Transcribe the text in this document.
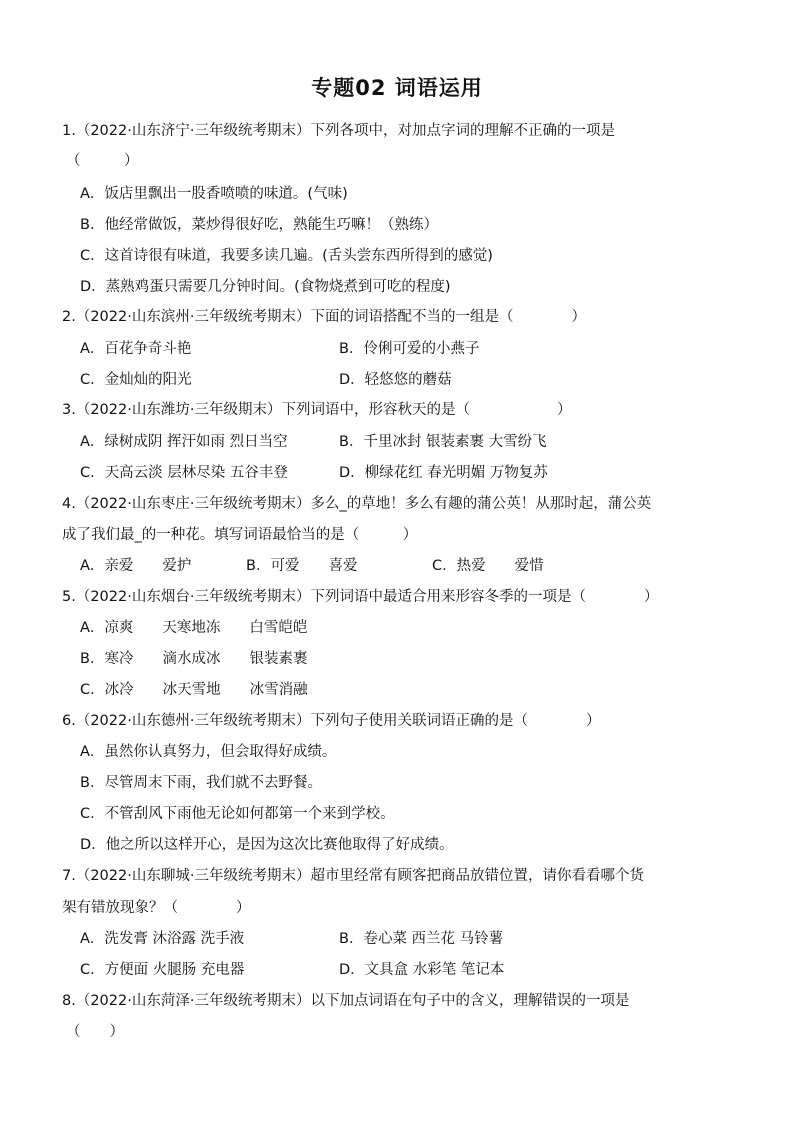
专题02 词语运用
1.（2022·山东济宁·三年级统考期末）下列各项中，对加点字词的理解不正确的一项是
（　　　）
A．饭店里飘出一股香喷喷的味道。(气味)
B．他经常做饭，菜炒得很好吃，熟能生巧嘛！（熟练）
C．这首诗很有味道，我要多读几遍。(舌头尝东西所得到的感觉)
D．蒸熟鸡蛋只需要几分钟时间。(食物烧煮到可吃的程度)
2.（2022·山东滨州·三年级统考期末）下面的词语搭配不当的一组是（　　　　）
A．百花争奇斗艳	B．伶俐可爱的小燕子
C．金灿灿的阳光	D．轻悠悠的蘑菇
3.（2022·山东潍坊·三年级期末）下列词语中，形容秋天的是（　　　　　　）
A．绿树成阴 挥汗如雨 烈日当空	B．千里冰封 银装素裹 大雪纷飞
C．天高云淡 层林尽染 五谷丰登	D．柳绿花红 春光明媚 万物复苏
4.（2022·山东枣庄·三年级统考期末）多么_的草地！多么有趣的蒲公英！从那时起，蒲公英
成了我们最_的一种花。填写词语最恰当的是（　　　）
A．亲爱　　爱护	B．可爱　　喜爱	C．热爱　　爱惜
5.（2022·山东烟台·三年级统考期末）下列词语中最适合用来形容冬季的一项是（　　　　）
A．凉爽　　天寒地冻　　白雪皑皑
B．寒冷　　滴水成冰　　银装素裹
C．冰冷　　冰天雪地　　冰雪消融
6.（2022·山东德州·三年级统考期末）下列句子使用关联词语正确的是（　　　　）
A．虽然你认真努力，但会取得好成绩。
B．尽管周末下雨，我们就不去野餐。
C．不管刮风下雨他无论如何都第一个来到学校。
D．他之所以这样开心，是因为这次比赛他取得了好成绩。
7.（2022·山东聊城·三年级统考期末）超市里经常有顾客把商品放错位置，请你看看哪个货
架有错放现象？（　　　　）
A．洗发膏 沐浴露 洗手液	B．卷心菜 西兰花 马铃薯
C．方便面 火腿肠 充电器	D．文具盒 水彩笔 笔记本
8.（2022·山东菏泽·三年级统考期末）以下加点词语在句子中的含义，理解错误的一项是
（　　）
